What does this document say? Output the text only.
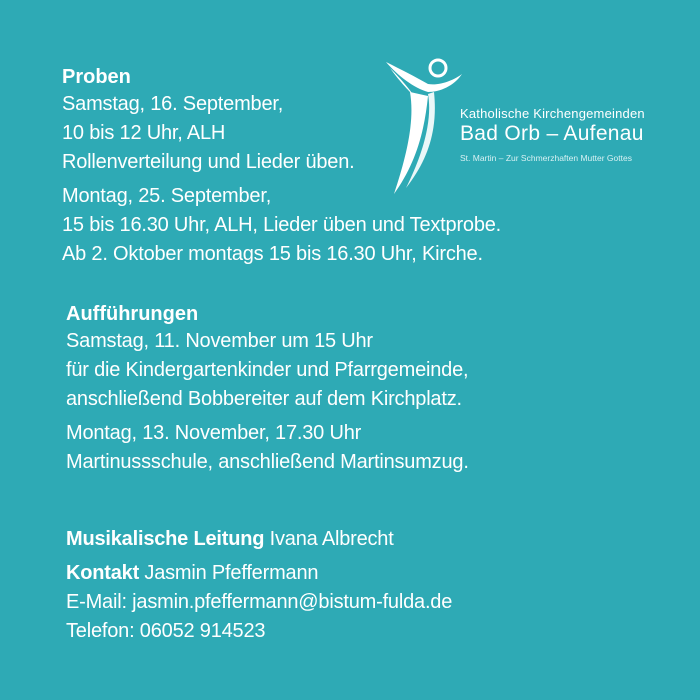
Proben
Samstag, 16. September,
10 bis 12 Uhr, ALH
Rollenverteilung und Lieder üben.
Montag, 25. September,
15 bis 16.30 Uhr, ALH, Lieder üben und Textprobe.
Ab 2. Oktober montags 15 bis 16.30 Uhr, Kirche.
Katholische Kirchengemeinden
Bad Orb – Aufenau
St. Martin – Zur Schmerzhaften Mutter Gottes
Aufführungen
Samstag, 11. November um 15 Uhr
für die Kindergartenkinder und Pfarrgemeinde,
anschließend Bobbereiter auf dem Kirchplatz.
Montag, 13. November, 17.30 Uhr
Martinussschule, anschließend Martinsumzug.
Musikalische Leitung Ivana Albrecht
Kontakt Jasmin Pfeffermann
E-Mail: jasmin.pfeffermann@bistum-fulda.de
Telefon: 06052 914523
